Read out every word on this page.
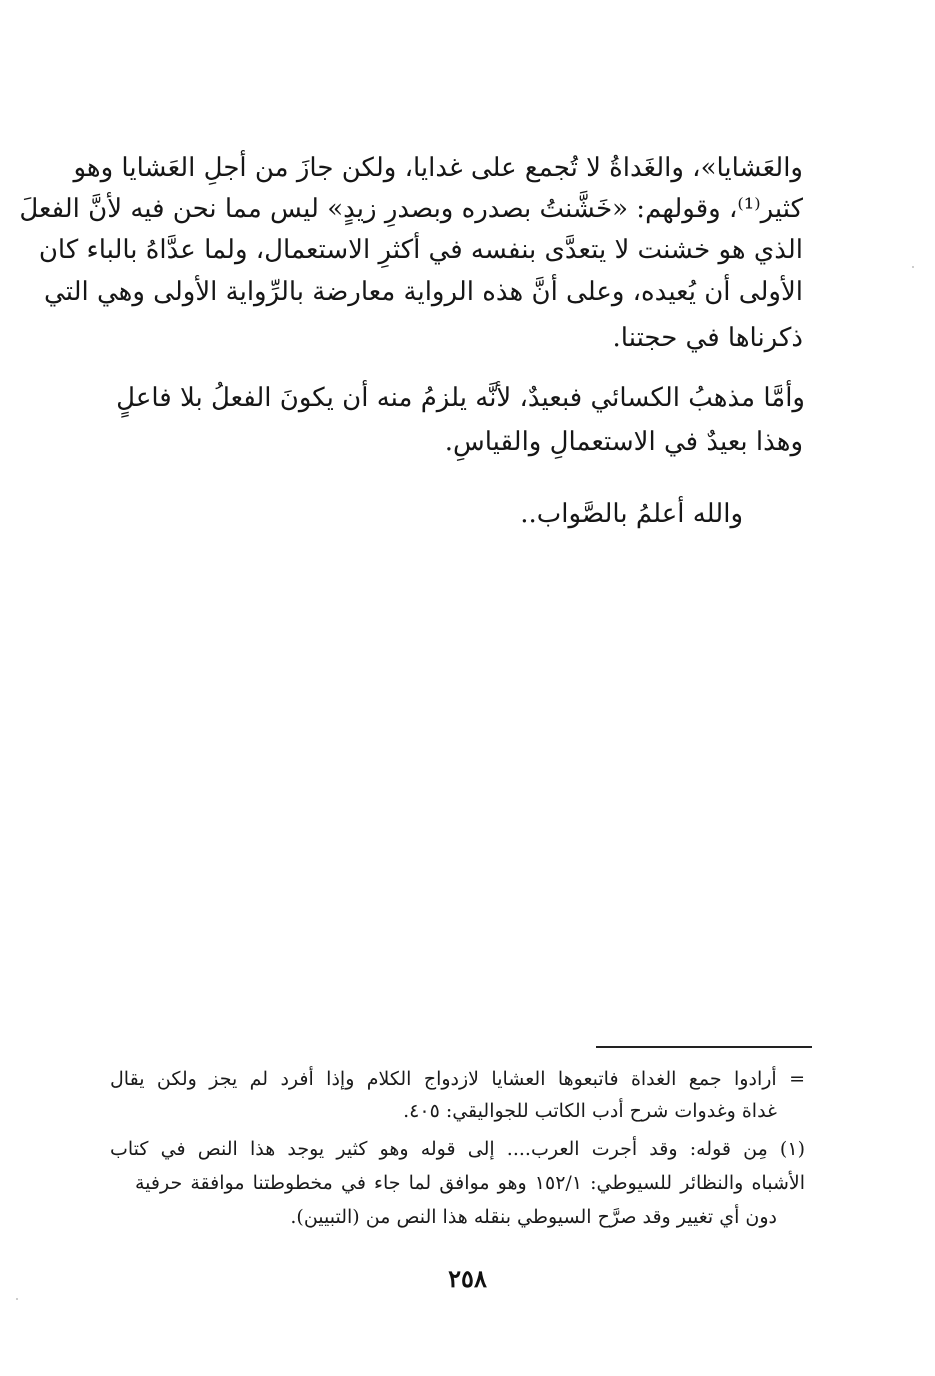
والعَشايا»، والغَداةُ لا تُجمع على غدايا، ولكن جازَ من أجلِ العَشايا وهو
كثير⁽¹⁾، وقولهم: «خَشَّنتُ بصدره وبصدرِ زيدٍ» ليس مما نحن فيه لأنَّ الفعلَ
الذي هو خشنت لا يتعدَّى بنفسه في أكثرِ الاستعمال، ولما عدَّاهُ بالباء كان
الأولى أن يُعيده، وعلى أنَّ هذه الرواية معارضة بالرِّواية الأولى وهي التي
ذكرناها في حجتنا.
وأمَّا مذهبُ الكسائي فبعيدٌ، لأنَّه يلزمُ منه أن يكونَ الفعلُ بلا فاعلٍ
وهذا بعيدٌ في الاستعمالِ والقياسِ.
والله أعلمُ بالصَّواب..
= أرادوا جمع الغداة فاتبعوها العشايا لازدواج الكلام وإذا أفرد لم يجز ولكن يقال
غداة وغدوات شرح أدب الكاتب للجواليقي: ٤٠٥.
(١) مِن قوله: وقد أجرت العرب.... إلى قوله وهو كثير يوجد هذا النص في كتاب
الأشباه والنظائر للسيوطي: ١٥٢/١ وهو موافق لما جاء في مخطوطتنا موافقة حرفية
دون أي تغيير وقد صرَّح السيوطي بنقله هذا النص من (التبيين).
٢٥٨
